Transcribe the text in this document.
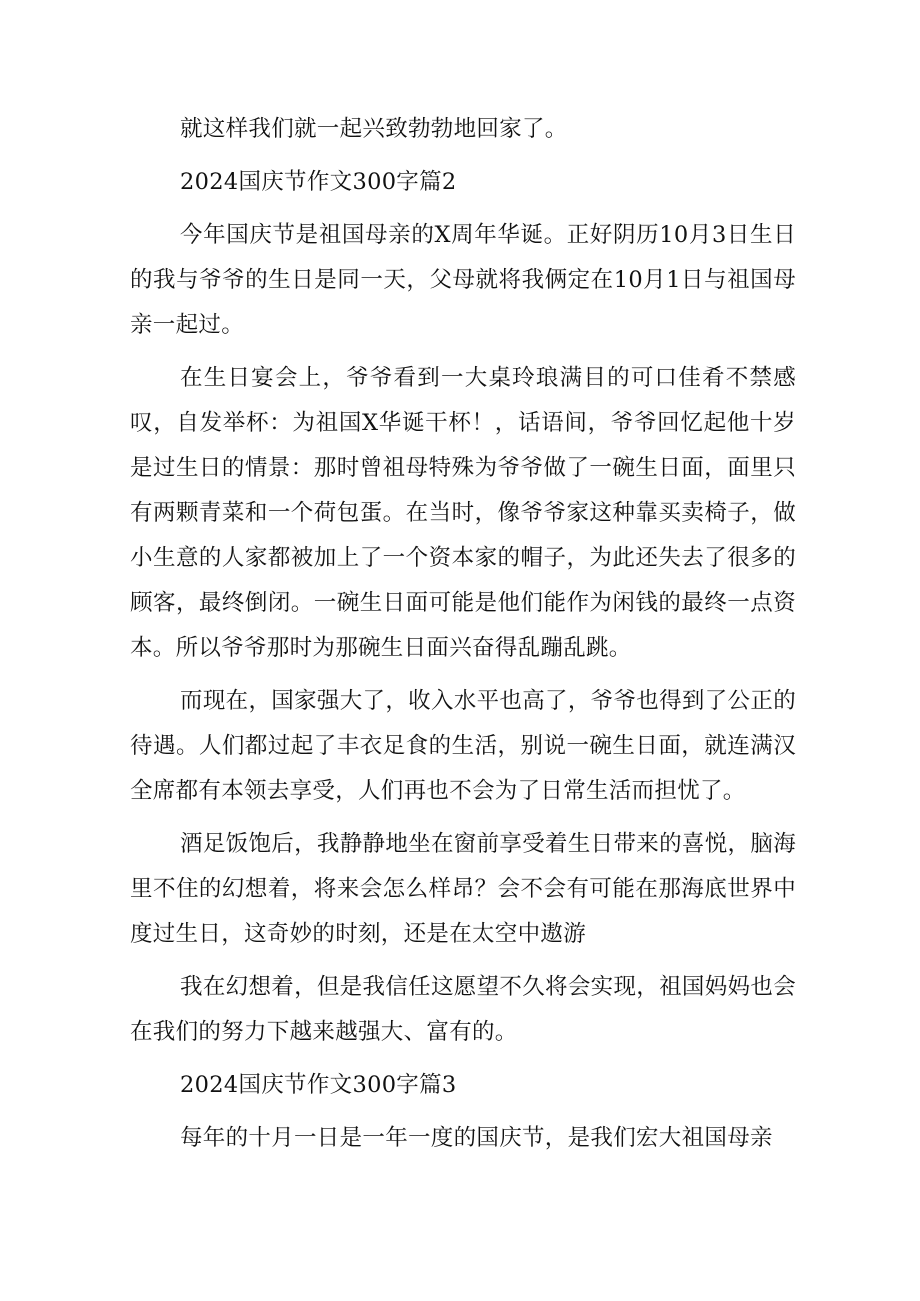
就这样我们就一起兴致勃勃地回家了。

2024国庆节作文300字篇2

今年国庆节是祖国母亲的X周年华诞。正好阴历10月3日生日的我与爷爷的生日是同一天，父母就将我俩定在10月1日与祖国母亲一起过。

在生日宴会上，爷爷看到一大桌玲琅满目的可口佳肴不禁感叹，自发举杯：为祖国X华诞干杯！，话语间，爷爷回忆起他十岁是过生日的情景：那时曾祖母特殊为爷爷做了一碗生日面，面里只有两颗青菜和一个荷包蛋。在当时，像爷爷家这种靠买卖椅子，做小生意的人家都被加上了一个资本家的帽子，为此还失去了很多的顾客，最终倒闭。一碗生日面可能是他们能作为闲钱的最终一点资本。所以爷爷那时为那碗生日面兴奋得乱蹦乱跳。

而现在，国家强大了，收入水平也高了，爷爷也得到了公正的待遇。人们都过起了丰衣足食的生活，别说一碗生日面，就连满汉全席都有本领去享受，人们再也不会为了日常生活而担忧了。

酒足饭饱后，我静静地坐在窗前享受着生日带来的喜悦，脑海里不住的幻想着，将来会怎么样昂？会不会有可能在那海底世界中度过生日，这奇妙的时刻，还是在太空中遨游

我在幻想着，但是我信任这愿望不久将会实现，祖国妈妈也会在我们的努力下越来越强大、富有的。

2024国庆节作文300字篇3

每年的十月一日是一年一度的国庆节，是我们宏大祖国母亲
